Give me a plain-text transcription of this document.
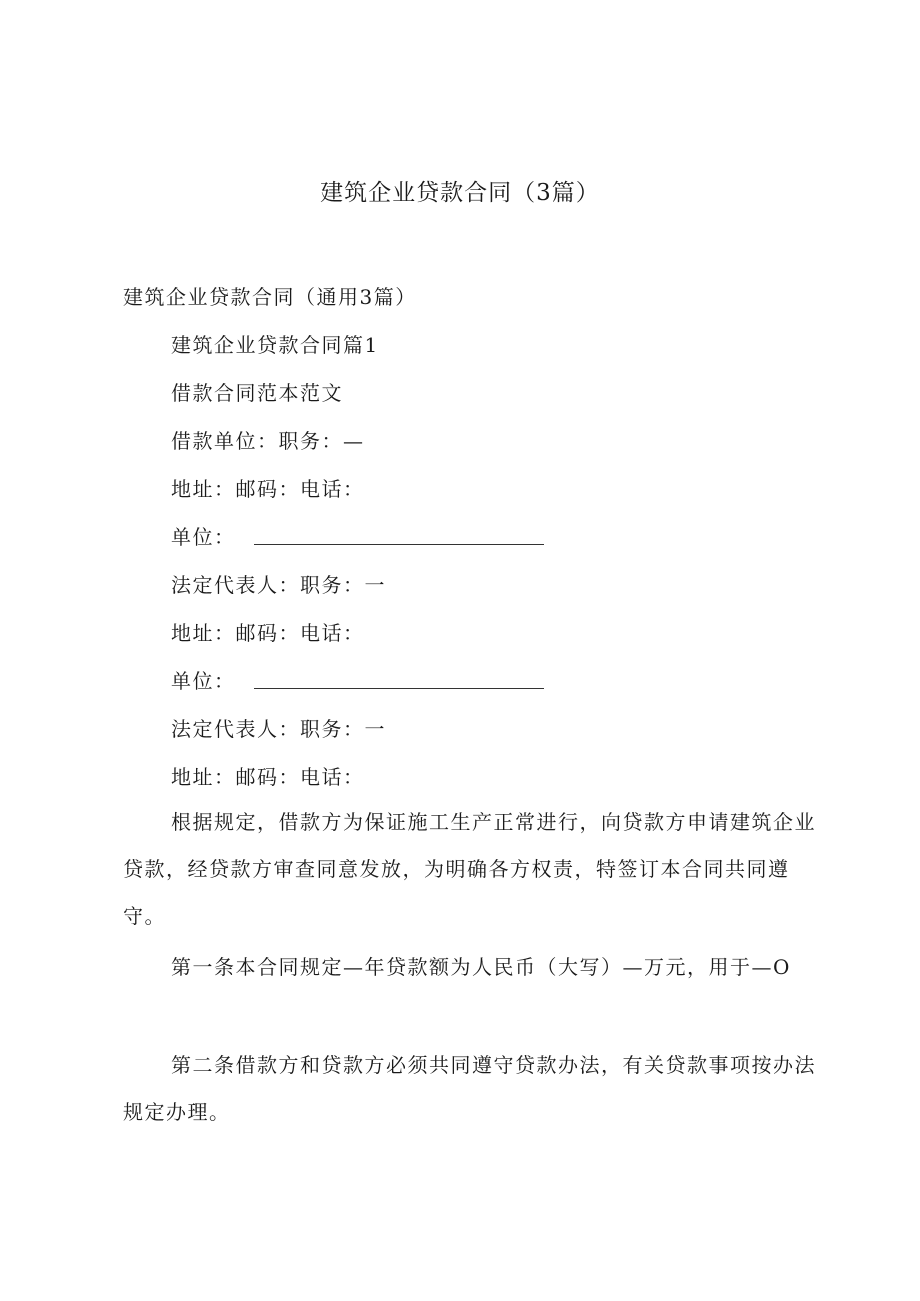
建筑企业贷款合同（3篇）
建筑企业贷款合同（通用3篇）
建筑企业贷款合同篇1
借款合同范本范文
借款单位：职务：—
地址：邮码：电话：
单位：
法定代表人：职务：一
地址：邮码：电话：
单位：
法定代表人：职务：一
地址：邮码：电话：
根据规定，借款方为保证施工生产正常进行，向贷款方申请建筑企业贷款，经贷款方审查同意发放，为明确各方权责，特签订本合同共同遵守。
第一条本合同规定—年贷款额为人民币（大写）—万元，用于—O
第二条借款方和贷款方必须共同遵守贷款办法，有关贷款事项按办法规定办理。
